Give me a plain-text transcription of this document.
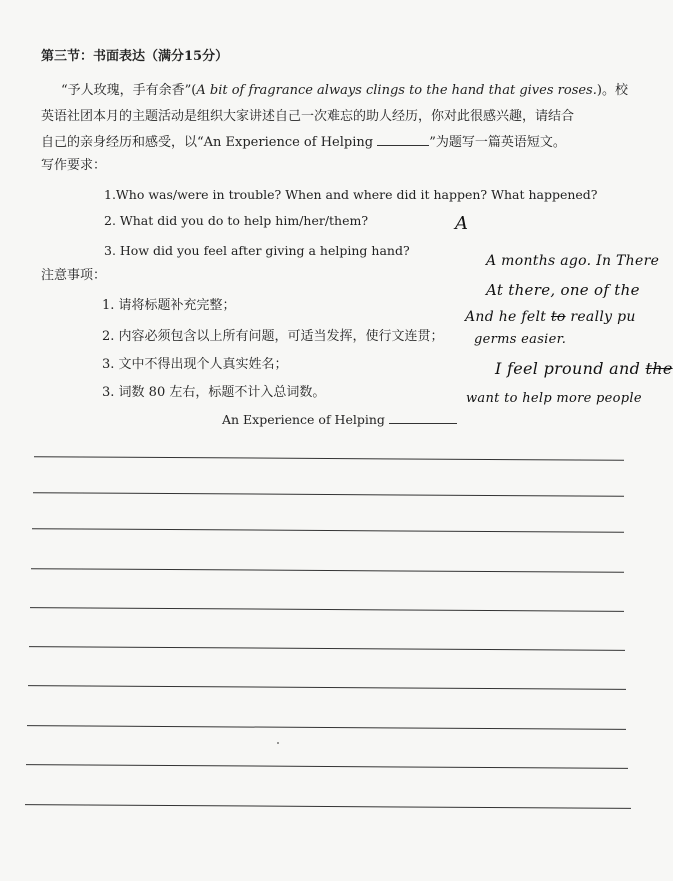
第三节：书面表达（满分15分）
“予人玫瑰，手有余香”(A bit of fragrance always clings to the hand that gives roses.)。校
英语社团本月的主题活动是组织大家讲述自己一次难忘的助人经历，你对此很感兴趣，请结合
自己的亲身经历和感受，以“An Experience of Helping	”为题写一篇英语短文。
写作要求：
1.Who was/were in trouble? When and where did it happen? What happened?
2. What did you do to help him/her/them?
3. How did you feel after giving a helping hand?
注意事项：
1. 请将标题补充完整；
2. 内容必须包含以上所有问题，可适当发挥，使行文连贯；
3. 文中不得出现个人真实姓名；
3. 词数 80 左右，标题不计入总词数。
An Experience of Helping
A
A months ago. In There
At there, one of the
And he felt to really pu
germs easier.
I feel pround and the
want to help more people
